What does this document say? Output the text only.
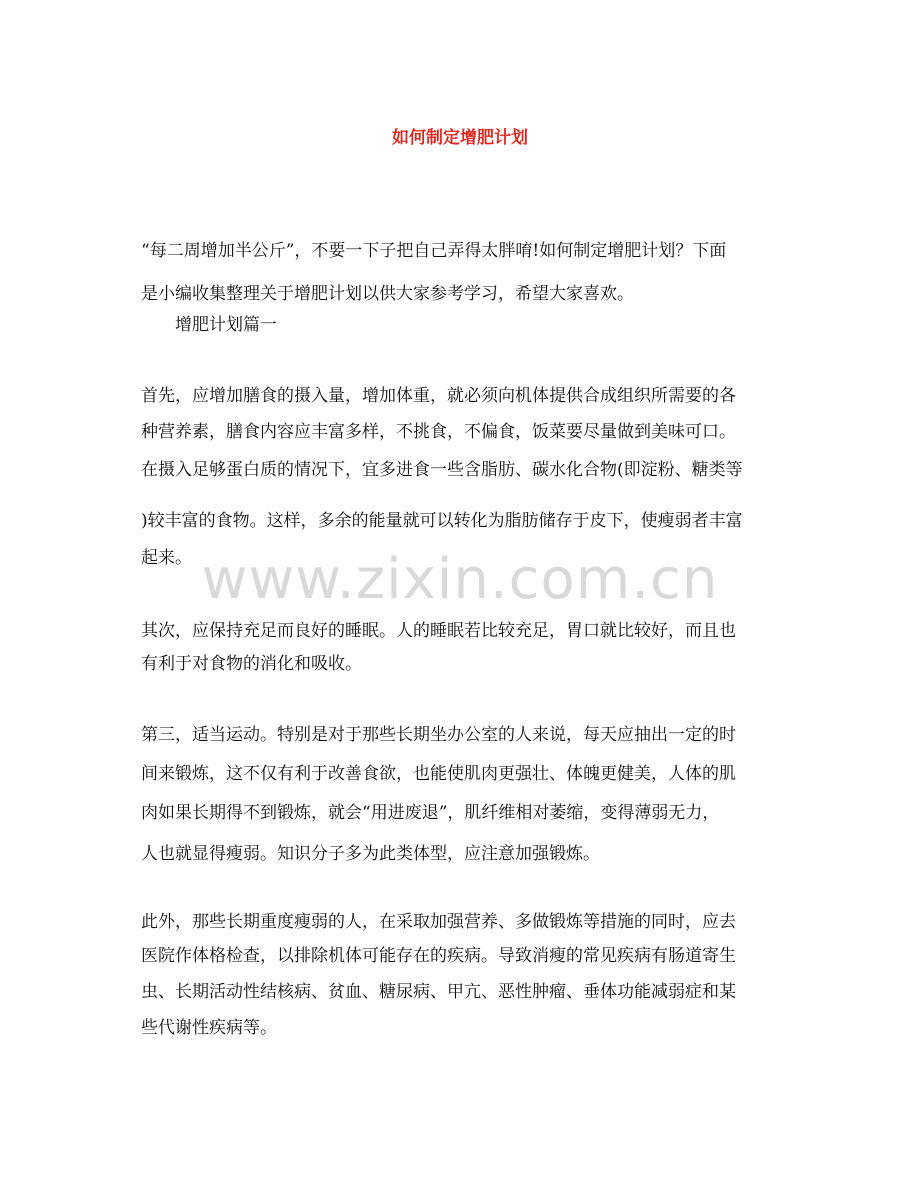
如何制定增肥计划
www.zixin.com.cn
“每二周增加半公斤”，不要一下子把自己弄得太胖唷!如何制定增肥计划？下面
是小编收集整理关于增肥计划以供大家参考学习，希望大家喜欢。
增肥计划篇一
首先，应增加膳食的摄入量，增加体重，就必须向机体提供合成组织所需要的各
种营养素，膳食内容应丰富多样，不挑食，不偏食，饭菜要尽量做到美味可口。
在摄入足够蛋白质的情况下，宜多进食一些含脂肪、碳水化合物(即淀粉、糖类等
)较丰富的食物。这样，多余的能量就可以转化为脂肪储存于皮下，使瘦弱者丰富
起来。
其次，应保持充足而良好的睡眠。人的睡眠若比较充足，胃口就比较好，而且也
有利于对食物的消化和吸收。
第三，适当运动。特别是对于那些长期坐办公室的人来说，每天应抽出一定的时
间来锻炼，这不仅有利于改善食欲，也能使肌肉更强壮、体魄更健美，人体的肌
肉如果长期得不到锻炼，就会“用进废退”，肌纤维相对萎缩，变得薄弱无力，
人也就显得瘦弱。知识分子多为此类体型，应注意加强锻炼。
此外，那些长期重度瘦弱的人，在采取加强营养、多做锻炼等措施的同时，应去
医院作体格检查，以排除机体可能存在的疾病。导致消瘦的常见疾病有肠道寄生
虫、长期活动性结核病、贫血、糖尿病、甲亢、恶性肿瘤、垂体功能减弱症和某
些代谢性疾病等。
